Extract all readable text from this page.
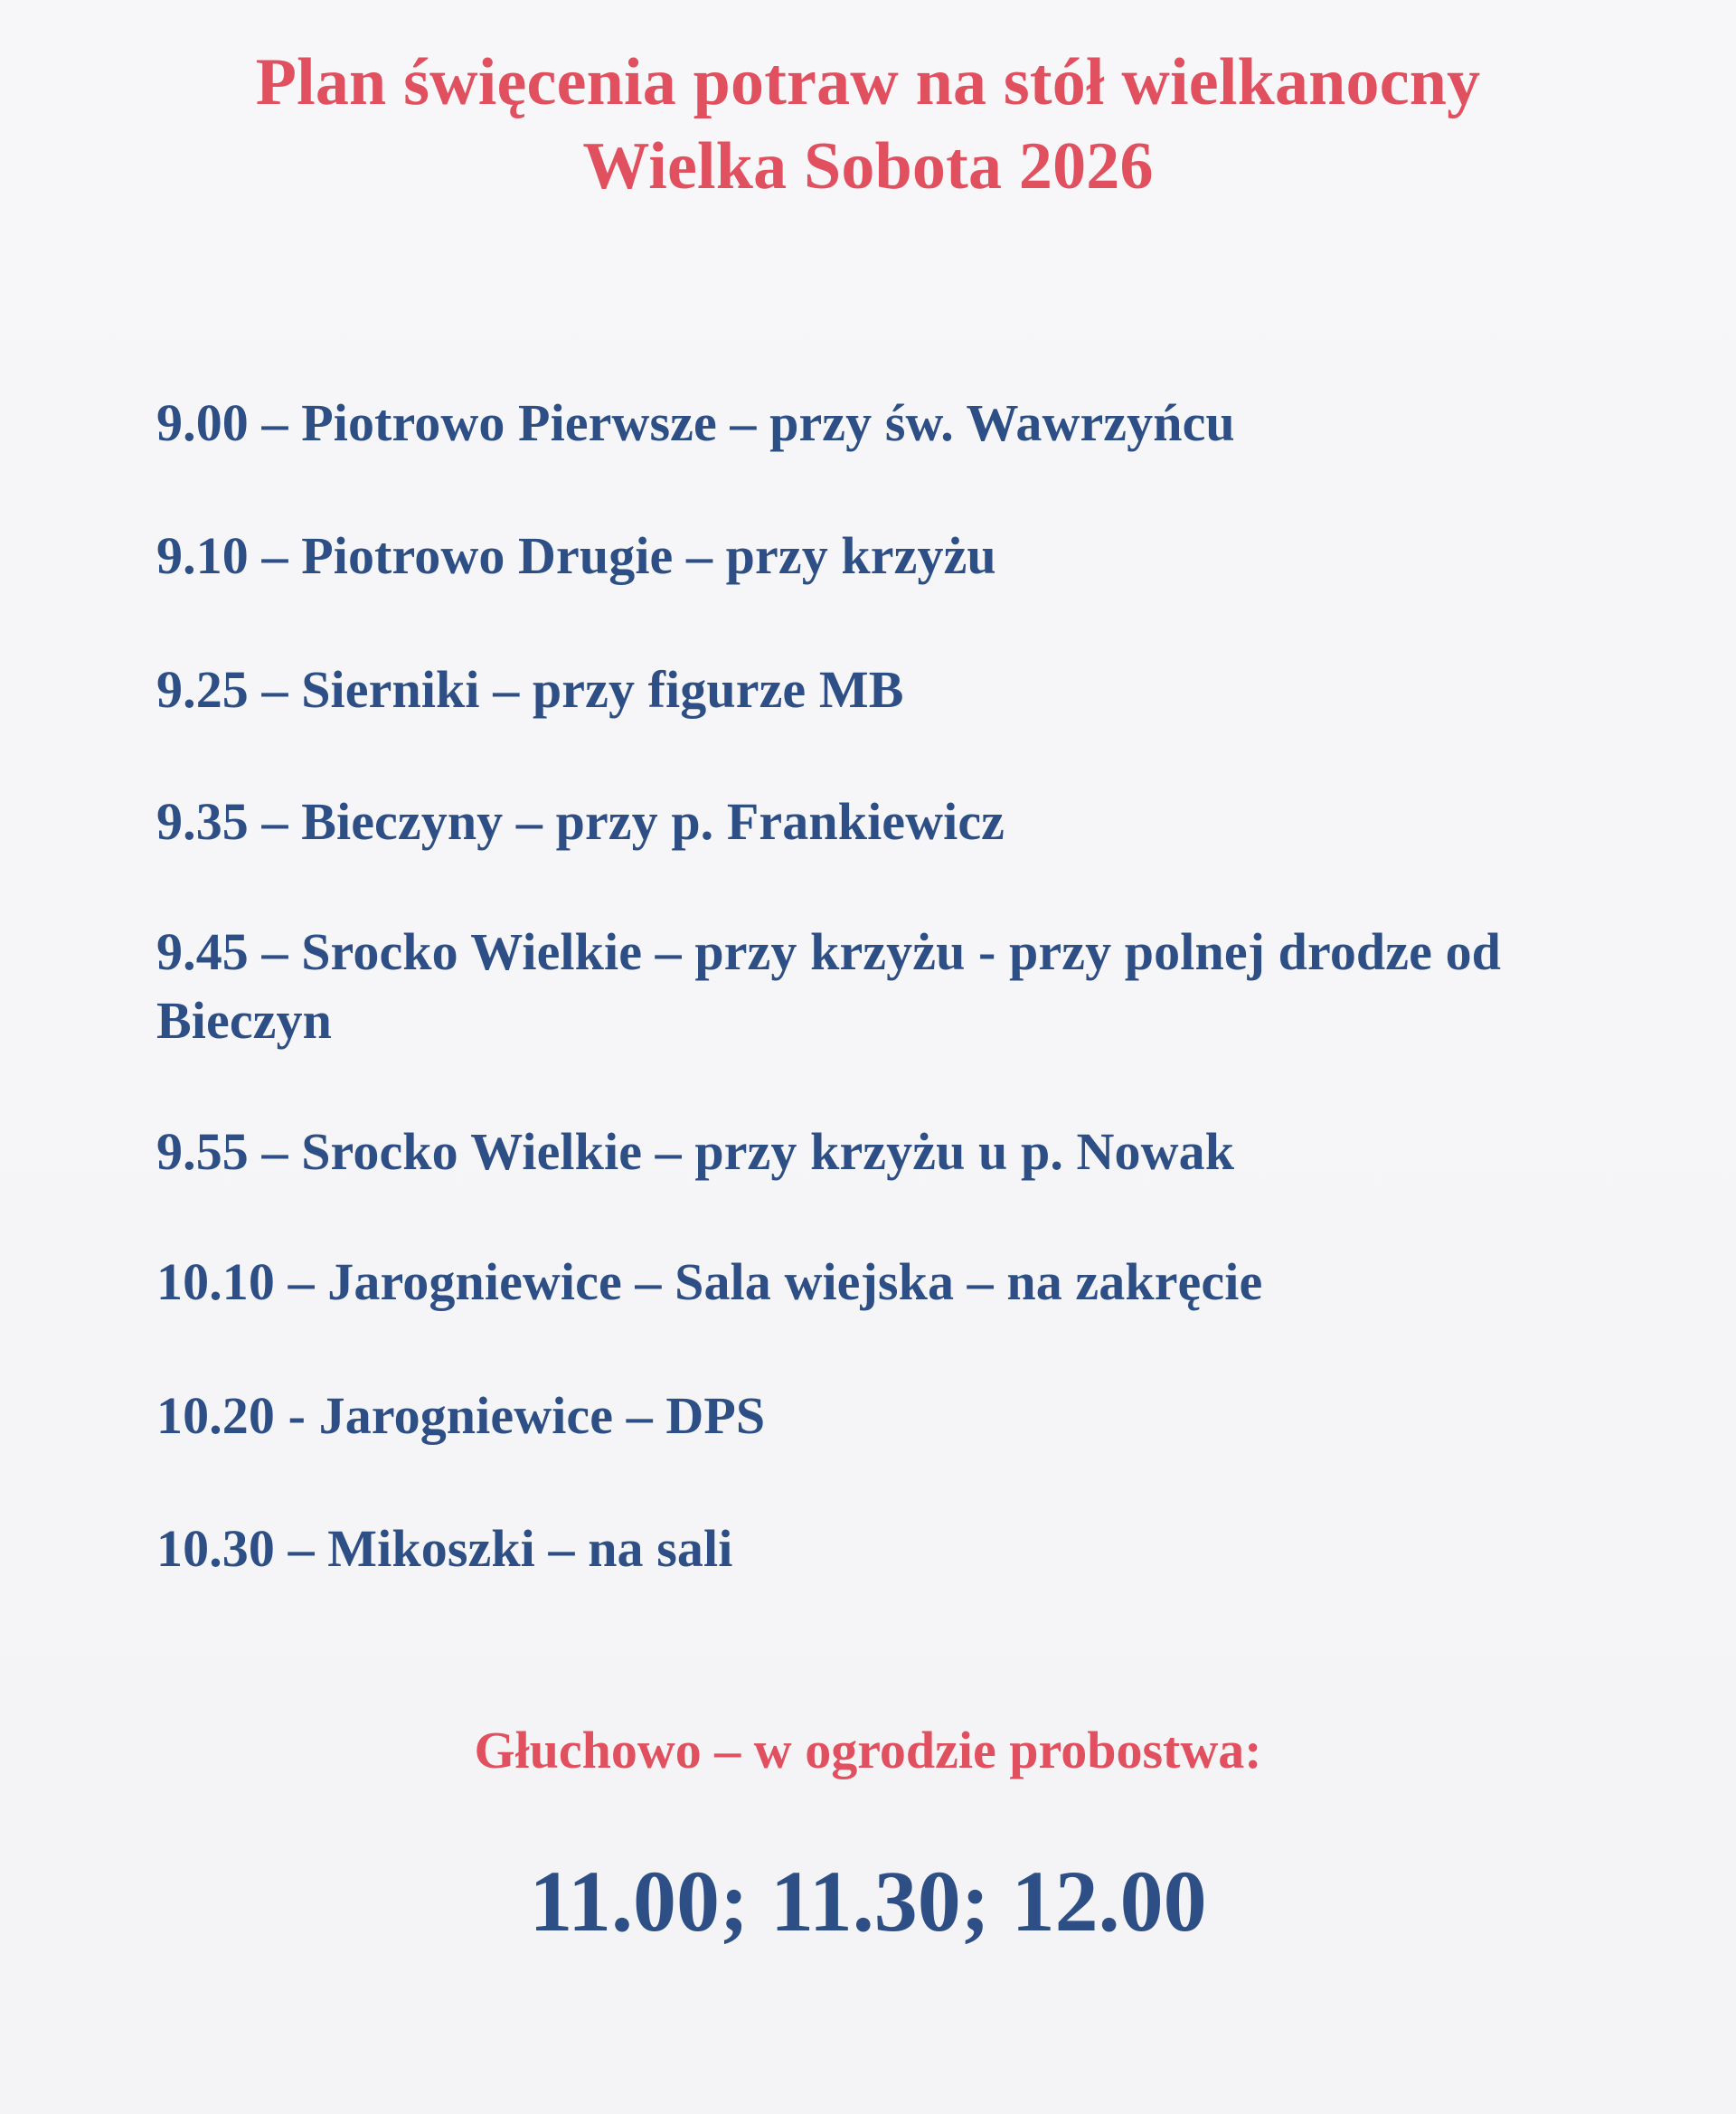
Plan święcenia potraw na stół wielkanocny
Wielka Sobota 2026
9.00 – Piotrowo Pierwsze – przy św. Wawrzyńcu
9.10 – Piotrowo Drugie – przy krzyżu
9.25 – Sierniki – przy figurze MB
9.35 – Bieczyny – przy p. Frankiewicz
9.45 – Srocko Wielkie – przy krzyżu - przy polnej drodze od Bieczyn
9.55 – Srocko Wielkie – przy krzyżu u p. Nowak
10.10 – Jarogniewice – Sala wiejska – na zakręcie
10.20 - Jarogniewice – DPS
10.30 – Mikoszki – na sali
Głuchowo – w ogrodzie probostwa:
11.00; 11.30; 12.00
